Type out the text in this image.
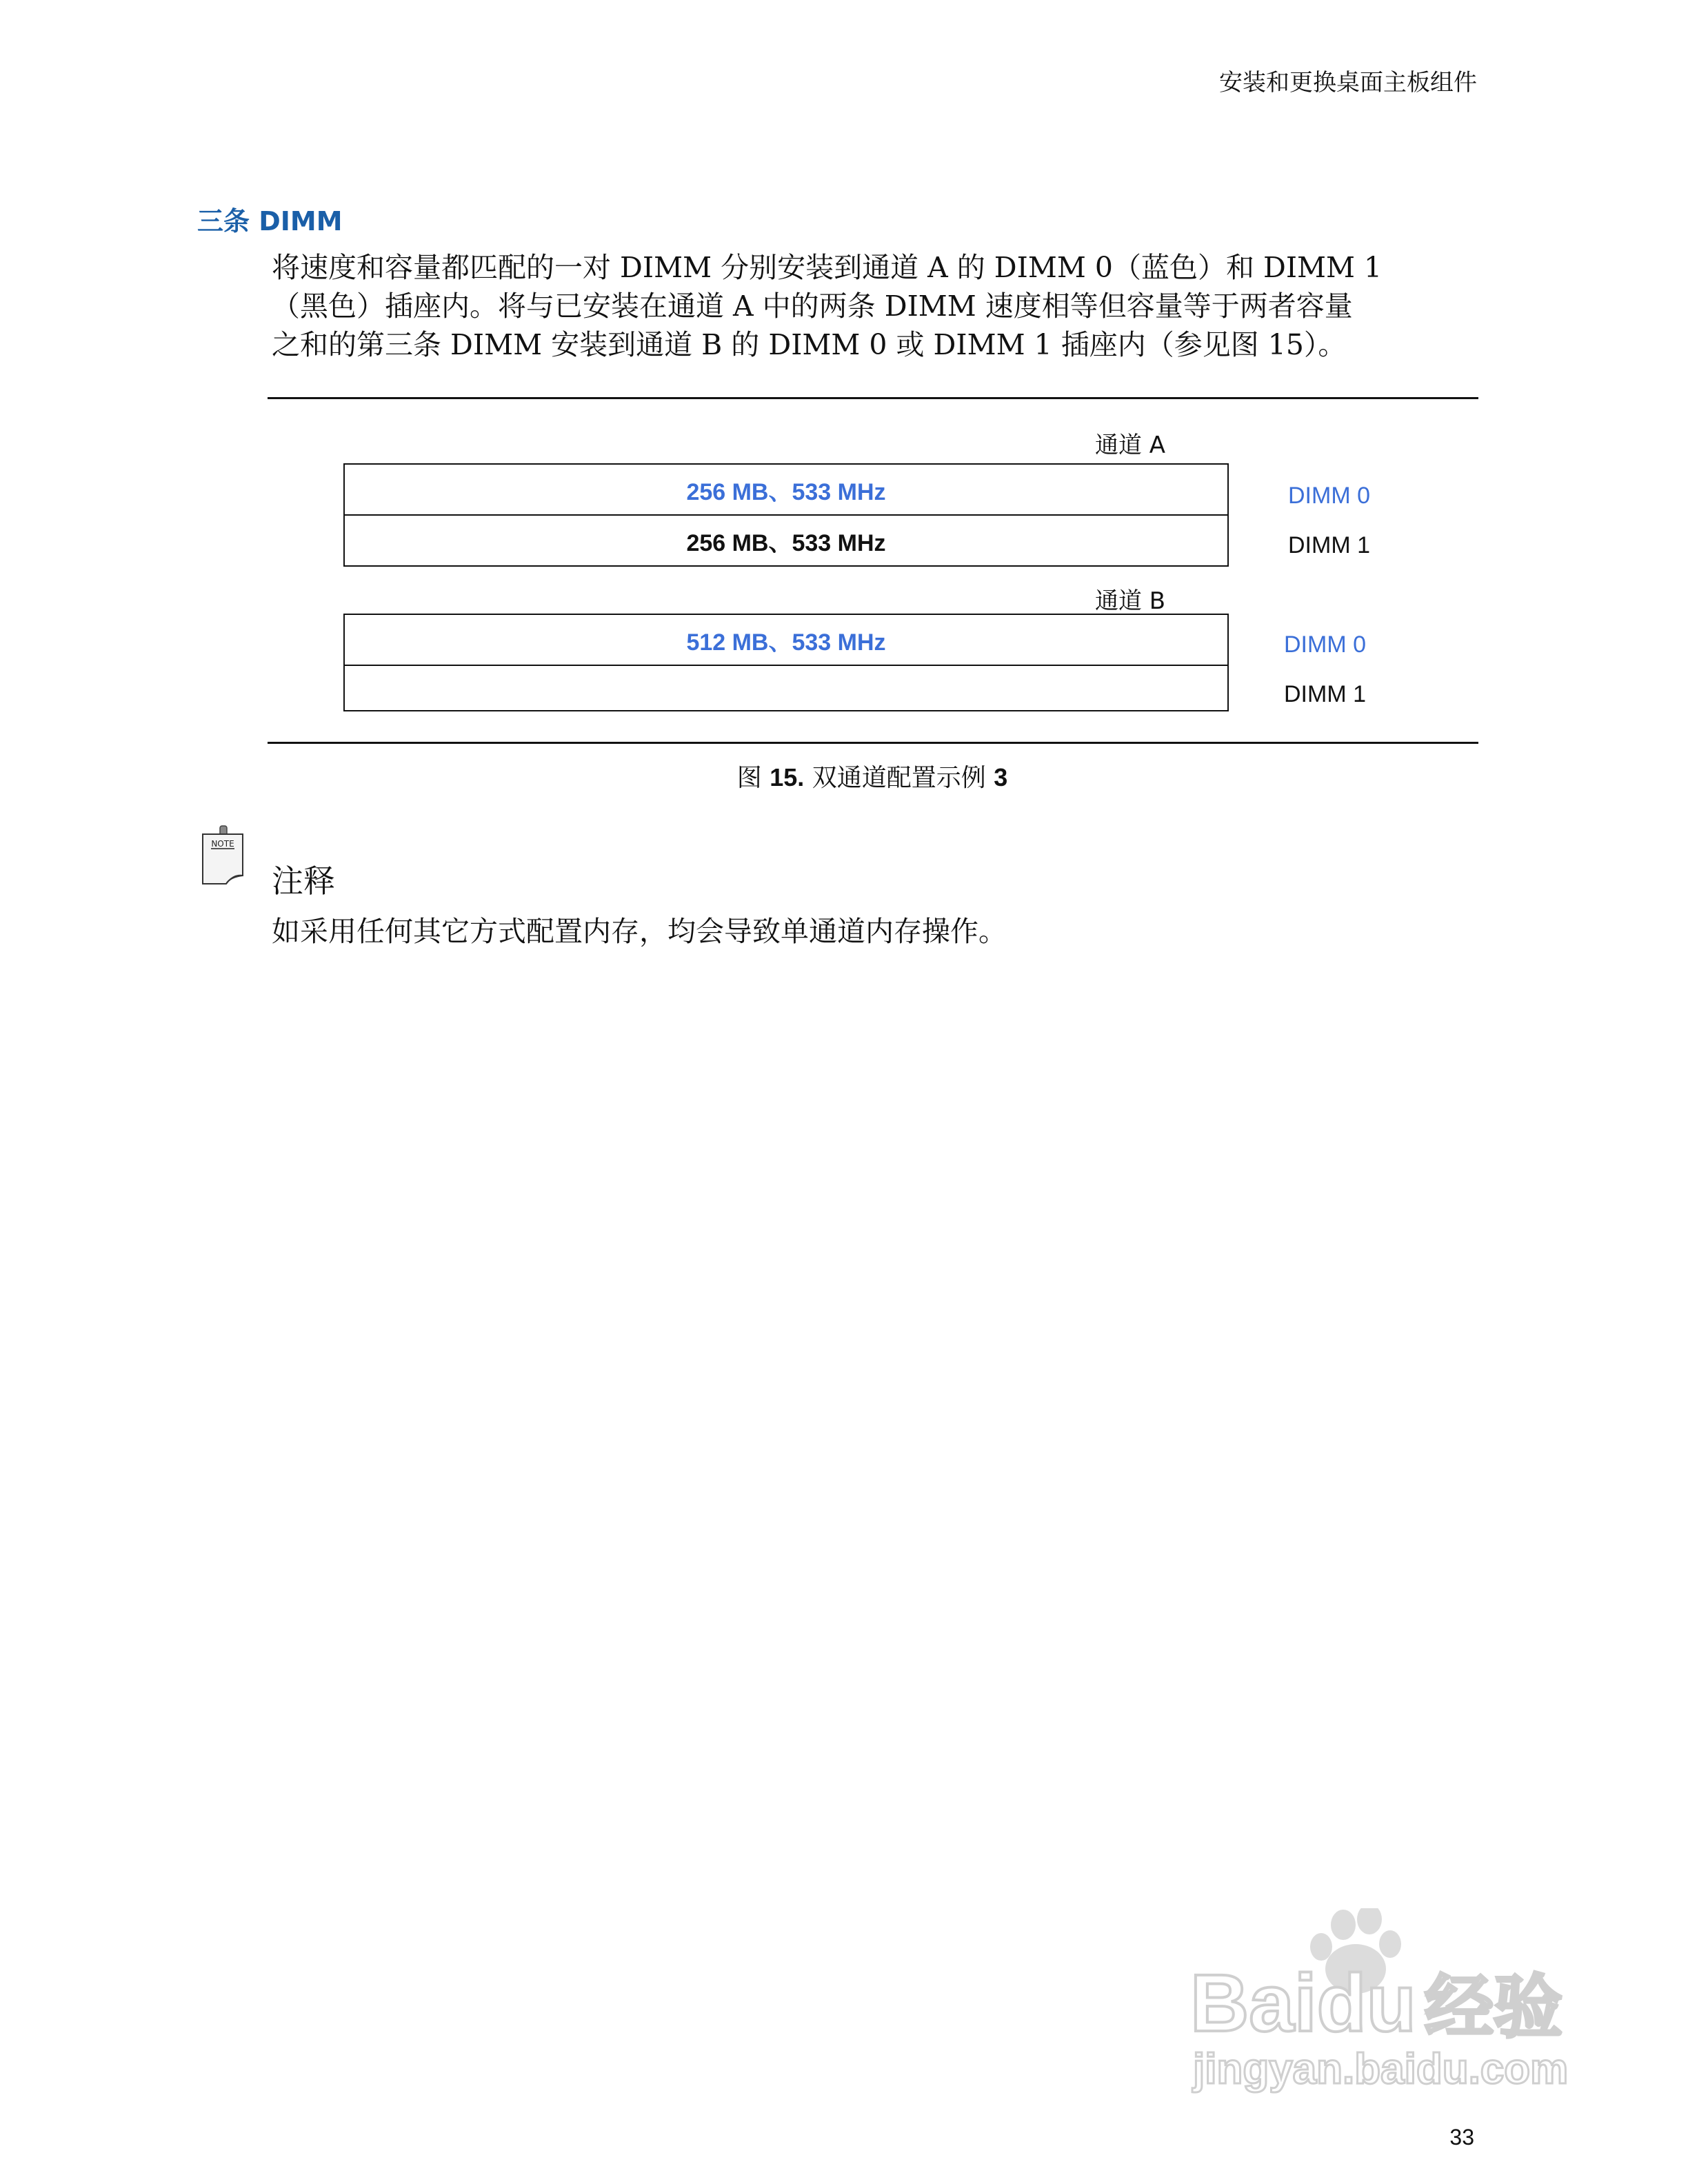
安装和更换桌面主板组件
三条 DIMM
将速度和容量都匹配的一对 DIMM 分别安装到通道 A 的 DIMM 0（蓝色）和 DIMM 1
（黑色）插座内。将与已安装在通道 A 中的两条 DIMM 速度相等但容量等于两者容量
之和的第三条 DIMM 安装到通道 B 的 DIMM 0 或 DIMM 1 插座内（参见图 15）。
通道 A
256 MB、533 MHz
256 MB、533 MHz
DIMM 0
DIMM 1
通道 B
512 MB、533 MHz	DIMM 0
DIMM 1
图 15. 双通道配置示例 3
NOTE
注释
如采用任何其它方式配置内存，均会导致单通道内存操作。
Baidu 经验
jingyan.baidu.com
33
